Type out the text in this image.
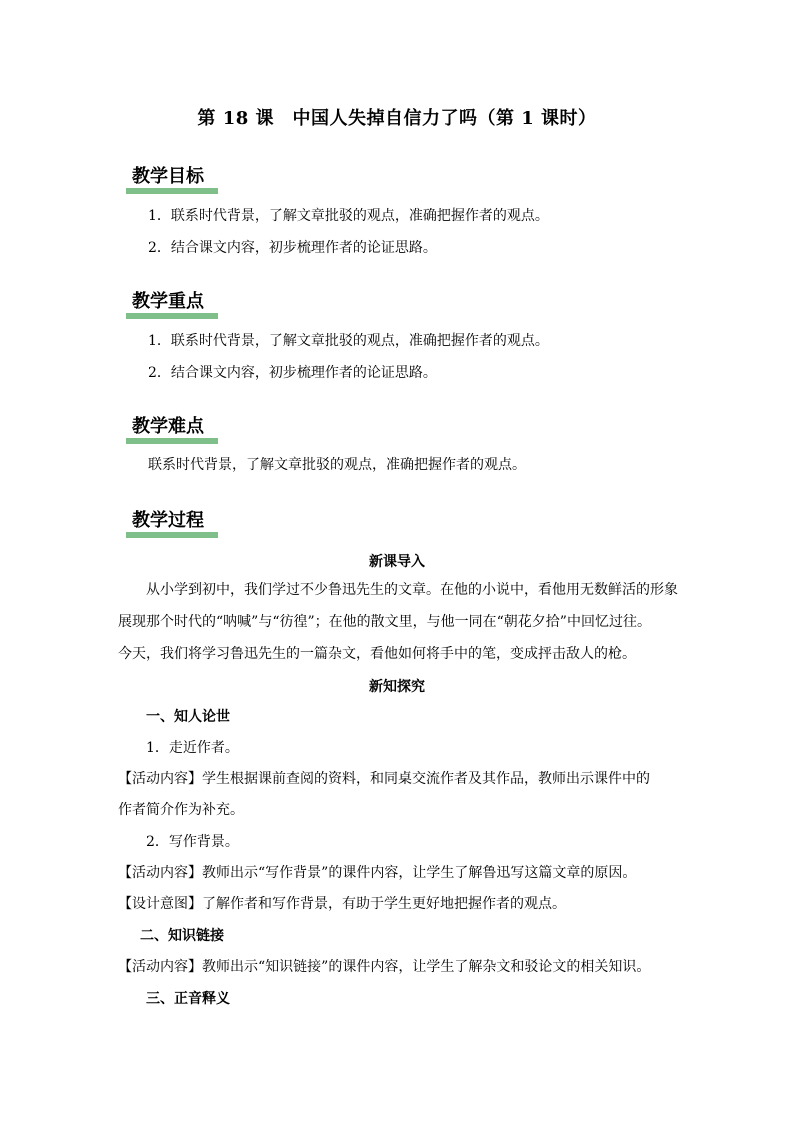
第 18 课　中国人失掉自信力了吗（第 1 课时）
教学目标
1．联系时代背景，了解文章批驳的观点，准确把握作者的观点。
2．结合课文内容，初步梳理作者的论证思路。
教学重点
1．联系时代背景，了解文章批驳的观点，准确把握作者的观点。
2．结合课文内容，初步梳理作者的论证思路。
教学难点
联系时代背景，了解文章批驳的观点，准确把握作者的观点。
教学过程
新课导入
从小学到初中，我们学过不少鲁迅先生的文章。在他的小说中，看他用无数鲜活的形象
展现那个时代的“呐喊”与“彷徨”；在他的散文里，与他一同在“朝花夕拾”中回忆过往。
今天，我们将学习鲁迅先生的一篇杂文，看他如何将手中的笔，变成抨击敌人的枪。
新知探究
一、知人论世
1．走近作者。
【活动内容】学生根据课前查阅的资料，和同桌交流作者及其作品，教师出示课件中的
作者简介作为补充。
2．写作背景。
【活动内容】教师出示“写作背景”的课件内容，让学生了解鲁迅写这篇文章的原因。
【设计意图】了解作者和写作背景，有助于学生更好地把握作者的观点。
二、知识链接
【活动内容】教师出示“知识链接”的课件内容，让学生了解杂文和驳论文的相关知识。
三、正音释义
